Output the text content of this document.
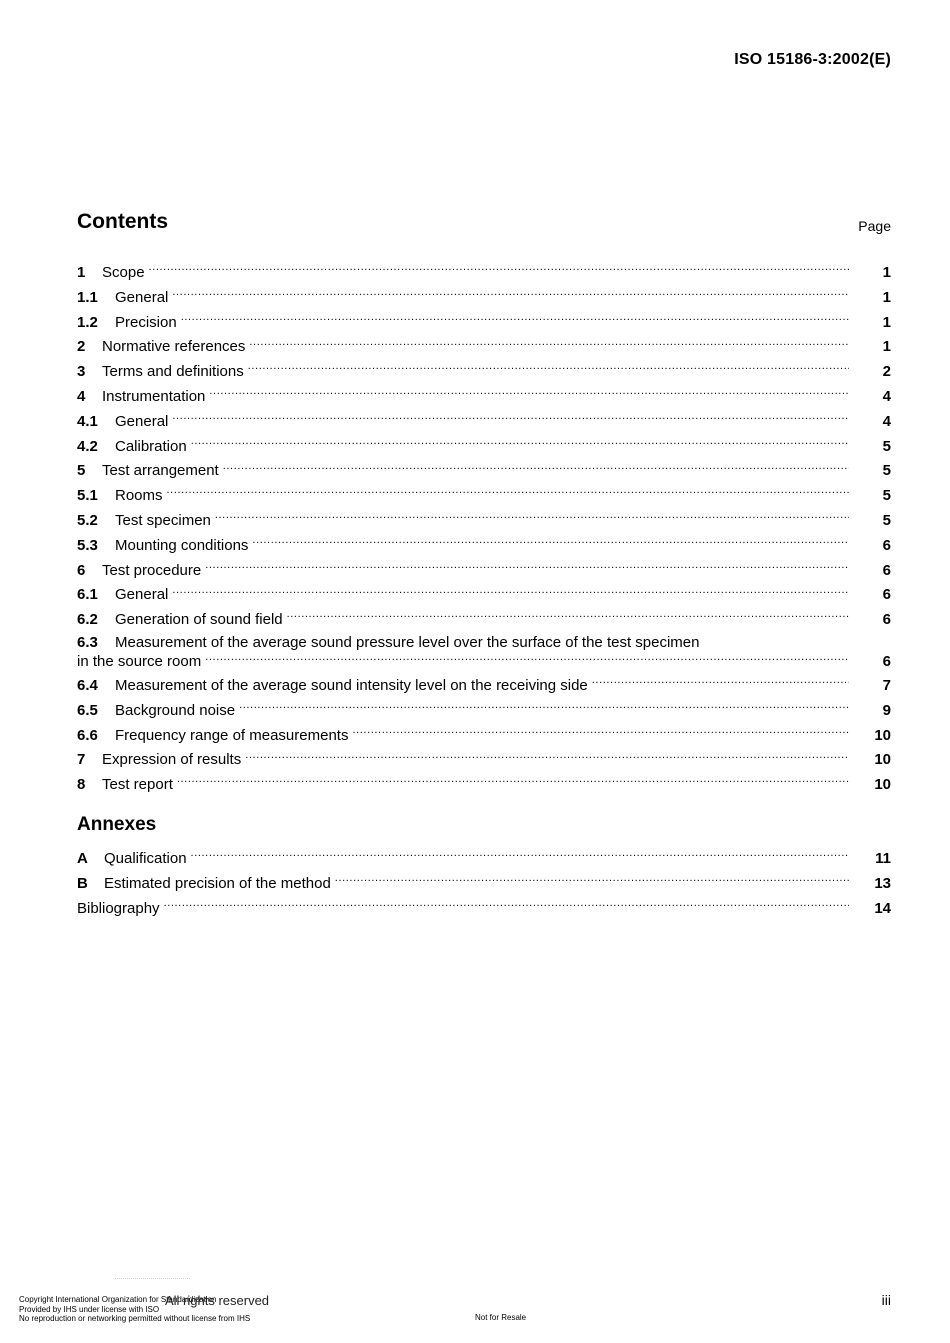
ISO 15186-3:2002(E)
Contents	Page
1	Scope .....	1
1.1	General .....	1
1.2	Precision .....	1
2	Normative references .....	1
3	Terms and definitions .....	2
4	Instrumentation .....	4
4.1	General .....	4
4.2	Calibration .....	5
5	Test arrangement .....	5
5.1	Rooms .....	5
5.2	Test specimen .....	5
5.3	Mounting conditions .....	6
6	Test procedure .....	6
6.1	General .....	6
6.2	Generation of sound field .....	6
6.3 Measurement of the average sound pressure level over the surface of the test specimen
in the source room .....	6
6.4	Measurement of the average sound intensity level on the receiving side .....	7
6.5	Background noise .....	9
6.6	Frequency range of measurements .....	10
7	Expression of results .....	10
8	Test report .....	10
Annexes
A	Qualification .....	11
B	Estimated precision of the method .....	13
Bibliography .....	14
Copyright International Organization for Standardization
Provided by IHS under license with ISO
No reproduction or networking permitted without license from IHS
All rights reserved
Not for Resale
iii
